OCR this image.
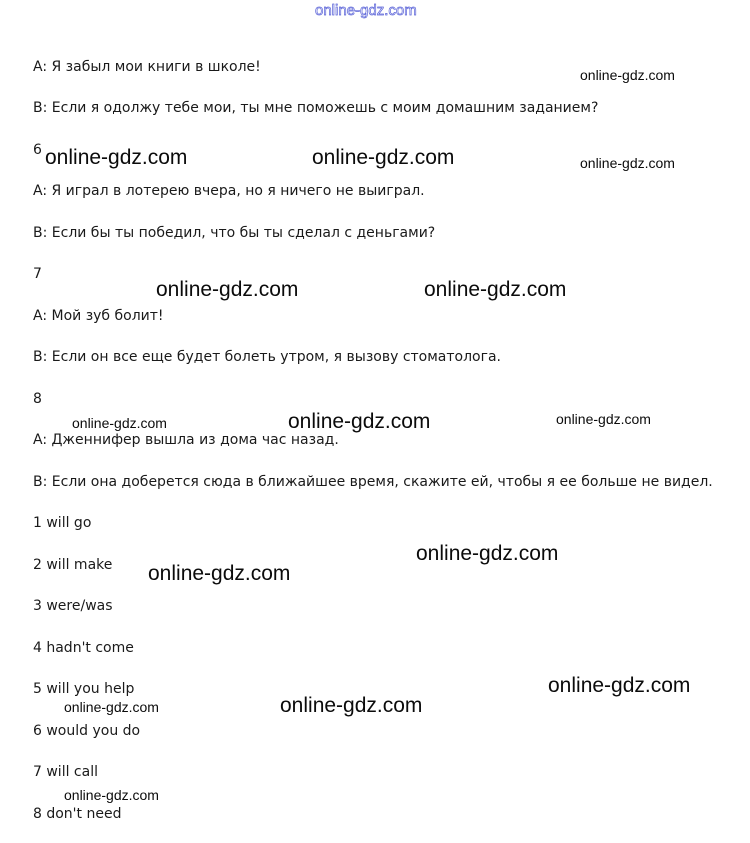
online-gdz.com
A: Я забыл мои книги в школе!
B: Если я одолжу тебе мои, ты мне поможешь с моим домашним заданием?
6
A: Я играл в лотерею вчера, но я ничего не выиграл.
B: Если бы ты победил, что бы ты сделал с деньгами?
7
A: Мой зуб болит!
B: Если он все еще будет болеть утром, я вызову стоматолога.
8
A: Дженнифер вышла из дома час назад.
B: Если она доберется сюда в ближайшее время, скажите ей, чтобы я ее больше не видел.
1 will go
2 will make
3 were/was
4 hadn't come
5 will you help
6 would you do
7 will call
8 don't need
online-gdz.com
online-gdz.com	online-gdz.com	online-gdz.com
online-gdz.com	online-gdz.com
online-gdz.com	online-gdz.com	online-gdz.com
online-gdz.com
online-gdz.com
online-gdz.com
online-gdz.com	online-gdz.com
online-gdz.com
